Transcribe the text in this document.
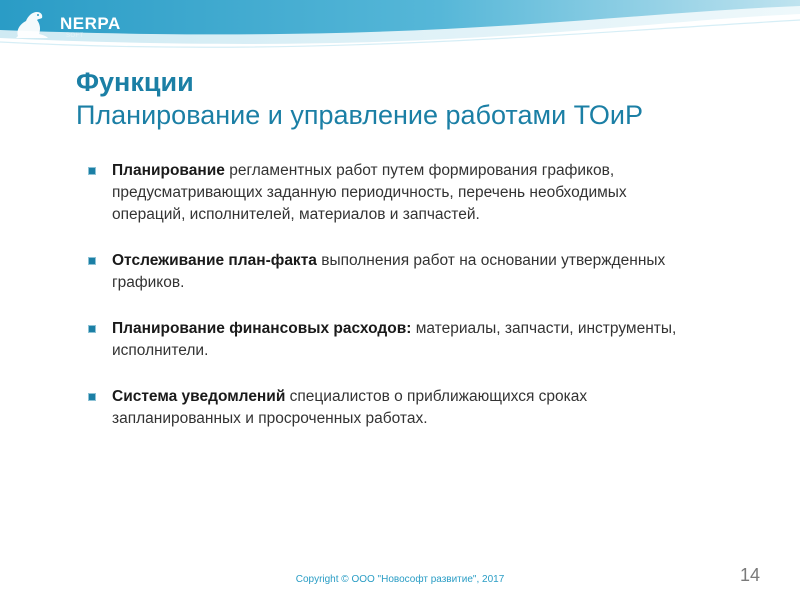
NERPA
SOFT
Функции
Планирование и управление работами ТОиР
Планирование регламентных работ путем формирования графиков, предусматривающих заданную периодичность, перечень необходимых операций, исполнителей, материалов и запчастей.
Отслеживание план-факта выполнения работ на основании утвержденных графиков.
Планирование финансовых расходов: материалы, запчасти, инструменты, исполнители.
Система уведомлений специалистов о приближающихся сроках запланированных и просроченных работах.
Copyright © ООО "Новософт развитие", 2017	14
